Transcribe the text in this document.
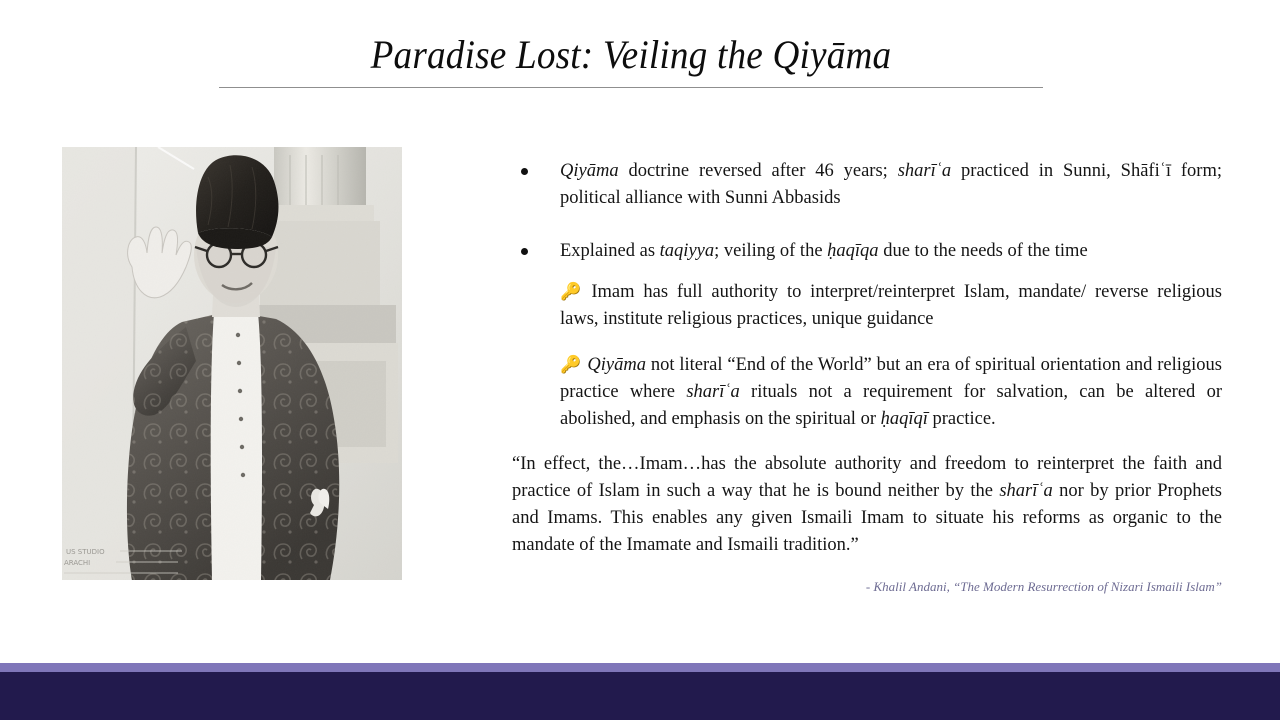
Paradise Lost: Veiling the Qiyāma
Qiyāma doctrine reversed after 46 years; sharīʿa practiced in Sunni, Shāfiʿī form; political alliance with Sunni Abbasids
Explained as taqiyya; veiling of the ḥaqīqa due to the needs of the time

🔑 Imam has full authority to interpret/reinterpret Islam, mandate/ reverse religious laws, institute religious practices, unique guidance

🔑 Qiyāma not literal “End of the World” but an era of spiritual orientation and religious practice where sharīʿa rituals not a requirement for salvation, can be altered or abolished, and emphasis on the spiritual or ḥaqīqī practice.

“In effect, the…Imam…has the absolute authority and freedom to reinterpret the faith and practice of Islam in such a way that he is bound neither by the sharīʿa nor by prior Prophets and Imams. This enables any given Ismaili Imam to situate his reforms as organic to the mandate of the Imamate and Ismaili tradition.”

- Khalil Andani, “The Modern Resurrection of Nizari Ismaili Islam”
